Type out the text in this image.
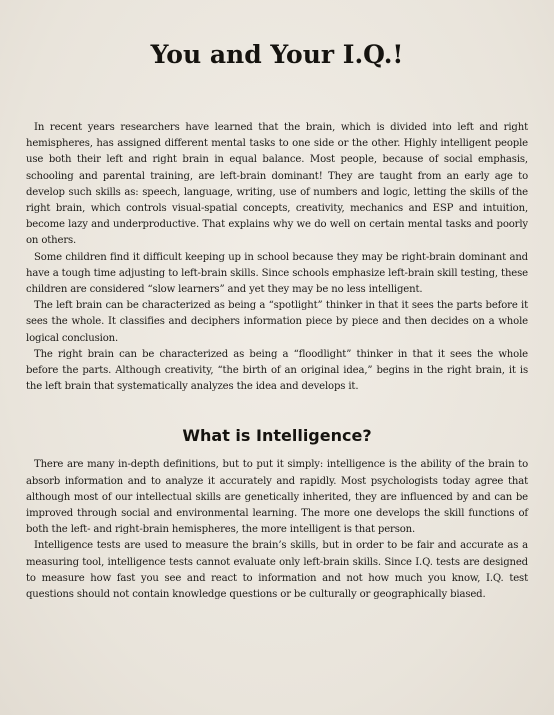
You and Your I.Q.!

In recent years researchers have learned that the brain, which is divided into left and right hemispheres, has assigned different mental tasks to one side or the other. Highly intelligent people use both their left and right brain in equal balance. Most people, because of social emphasis, schooling and parental training, are left-brain dominant! They are taught from an early age to develop such skills as: speech, language, writing, use of numbers and logic, letting the skills of the right brain, which controls visual-spatial concepts, creativity, mechanics and ESP and intuition, become lazy and underproductive. That explains why we do well on certain mental tasks and poorly on others.

Some children find it difficult keeping up in school because they may be right-brain dominant and have a tough time adjusting to left-brain skills. Since schools emphasize left-brain skill testing, these children are considered “slow learners” and yet they may be no less intelligent.

The left brain can be characterized as being a “spotlight” thinker in that it sees the parts before it sees the whole. It classifies and deciphers information piece by piece and then decides on a whole logical conclusion.

The right brain can be characterized as being a “floodlight” thinker in that it sees the whole before the parts. Although creativity, “the birth of an original idea,” begins in the right brain, it is the left brain that systematically analyzes the idea and develops it.

What is Intelligence?

There are many in-depth definitions, but to put it simply: intelligence is the ability of the brain to absorb information and to analyze it accurately and rapidly. Most psychologists today agree that although most of our intellectual skills are genetically inherited, they are influenced by and can be improved through social and environmental learning. The more one develops the skill functions of both the left- and right-brain hemispheres, the more intelligent is that person.

Intelligence tests are used to measure the brain’s skills, but in order to be fair and accurate as a measuring tool, intelligence tests cannot evaluate only left-brain skills. Since I.Q. tests are designed to measure how fast you see and react to information and not how much you know, I.Q. test questions should not contain knowledge questions or be culturally or geographically biased.
